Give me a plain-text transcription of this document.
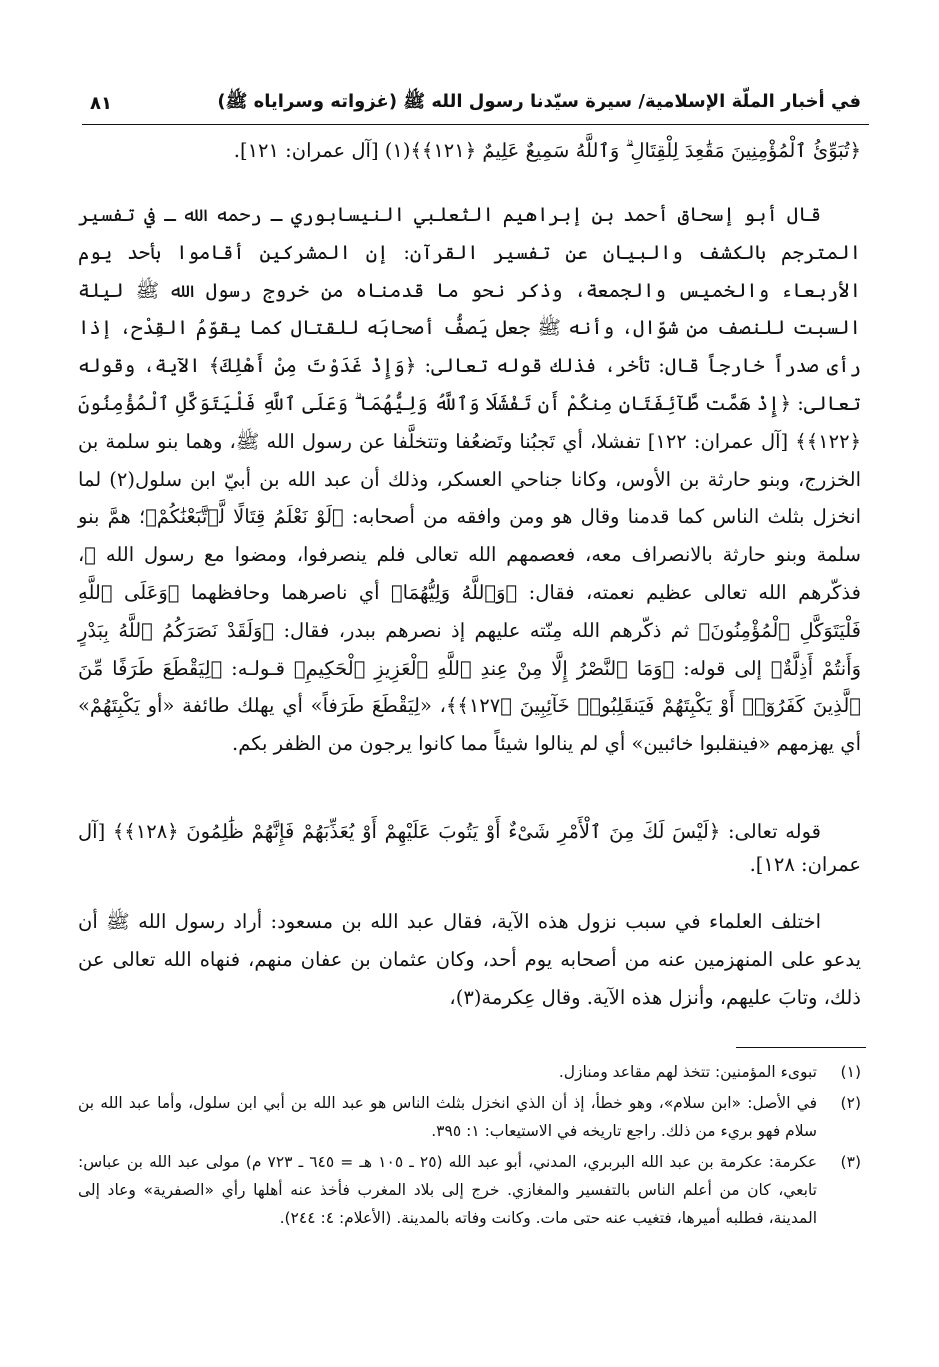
في أخبار الملّة الإسلامية/ سيرة سيّدنا رسول الله ﷺ (غزواته وسراياه ﷺ)
٨١
﴿تُبَوِّئُ ٱلْمُؤْمِنِينَ مَقَٰعِدَ لِلْقِتَالِ ۗ وَٱللَّهُ سَمِيعٌ عَلِيمٌ ﴿١٢١﴾﴾(١) [آل عمران: ١٢١].
قال أبو إسحاق أحمد بن إبراهيم الثعلبي النيسابوري ـ رحمه الله ـ في تفسير المترجم بالكشف والبيان عن تفسير القرآن: إن المشركين أقاموا بأحد يوم الأربعاء والخميس والجمعة، وذكر نحو ما قدمناه من خروج رسول الله ﷺ ليلة السبت للنصف من شوّال، وأنه ﷺ جعل يَصفُّ أصحابَه للقتال كما يقوّمُ القِدْح، إذا رأى صدراً خارجاً قال: تأخر، فذلك قوله تعالى: ﴿وَإِذْ غَدَوْتَ مِنْ أَهْلِكَ﴾ الآية، وقوله تعالى: ﴿إِذْ هَمَّت طَّآئِفَتَانِ مِنكُمْ أَن تَفْشَلَا وَٱللَّهُ وَلِيُّهُمَا ۗ وَعَلَى ٱللَّهِ فَلْيَتَوَكَّلِ ٱلْمُؤْمِنُونَ ﴿١٢٢﴾﴾ [آل عمران: ١٢٢] تفشلا، أي تَجبُنا وتَضعُفا وتتخلَّفا عن رسول الله ﷺ، وهما بنو سلمة بن الخزرج، وبنو حارثة بن الأوس، وكانا جناحي العسكر، وذلك أن عبد الله بن أبيّ ابن سلول(٢) لما انخزل بثلث الناس كما قدمنا وقال هو ومن وافقه من أصحابه: ﴿لَوْ نَعْلَمُ قِتَالًا لَّٱتَّبَعْنَٰكُمْ﴾؛ همَّ بنو سلمة وبنو حارثة بالانصراف معه، فعصمهم الله تعالى فلم ينصرفوا، ومضوا مع رسول الله ﷺ، فذكّرهم الله تعالى عظيم نعمته، فقال: ﴿وَٱللَّهُ وَلِيُّهُمَا﴾ أي ناصرهما وحافظهما ﴿وَعَلَى ٱللَّهِ فَلْيَتَوَكَّلِ ٱلْمُؤْمِنُونَ﴾ ثم ذكّرهم الله مِنّته عليهم إذ نصرهم ببدر، فقال: ﴿وَلَقَدْ نَصَرَكُمُ ٱللَّهُ بِبَدْرٍ وَأَنتُمْ أَذِلَّةٌ﴾ إلى قوله: ﴿وَمَا ٱلنَّصْرُ إِلَّا مِنْ عِندِ ٱللَّهِ ٱلْعَزِيزِ ٱلْحَكِيمِ﴾ قـولـه: ﴿لِيَقْطَعَ طَرَفًا مِّنَ ٱلَّذِينَ كَفَرُوٓا۟ أَوْ يَكْبِتَهُمْ فَيَنقَلِبُوا۟ خَآئِبِينَ ﴿١٢٧﴾﴾، «لِيَقْطَعَ طَرَفاً» أي يهلك طائفة «أو يَكْبِتَهُمْ» أي يهزمهم «فينقلبوا خائبين» أي لم ينالوا شيئاً مما كانوا يرجون من الظفر بكم.
قوله تعالى: ﴿لَيْسَ لَكَ مِنَ ٱلْأَمْرِ شَىْءٌ أَوْ يَتُوبَ عَلَيْهِمْ أَوْ يُعَذِّبَهُمْ فَإِنَّهُمْ ظَٰلِمُونَ ﴿١٢٨﴾﴾ [آل عمران: ١٢٨].
اختلف العلماء في سبب نزول هذه الآية، فقال عبد الله بن مسعود: أراد رسول الله ﷺ أن يدعو على المنهزمين عنه من أصحابه يوم أحد، وكان عثمان بن عفان منهم، فنهاه الله تعالى عن ذلك، وتابَ عليهم، وأنزل هذه الآية. وقال عِكرمة(٣)،
(١)
تبوىء المؤمنين: تتخذ لهم مقاعد ومنازل.
(٢)
في الأصل: «ابن سلام»، وهو خطأ، إذ أن الذي انخزل بثلث الناس هو عبد الله بن أبي ابن سلول، وأما عبد الله بن سلام فهو بريء من ذلك. راجع تاريخه في الاستيعاب: ١: ٣٩٥.
(٣)
عكرمة: عكرمة بن عبد الله البربري، المدني، أبو عبد الله (٢٥ ـ ١٠٥ هـ = ٦٤٥ ـ ٧٢٣ م) مولى عبد الله بن عباس: تابعي، كان من أعلم الناس بالتفسير والمغازي. خرج إلى بلاد المغرب فأخذ عنه أهلها رأي «الصفرية» وعاد إلى المدينة، فطلبه أميرها، فتغيب عنه حتى مات. وكانت وفاته بالمدينة. (الأعلام: ٤: ٢٤٤).
